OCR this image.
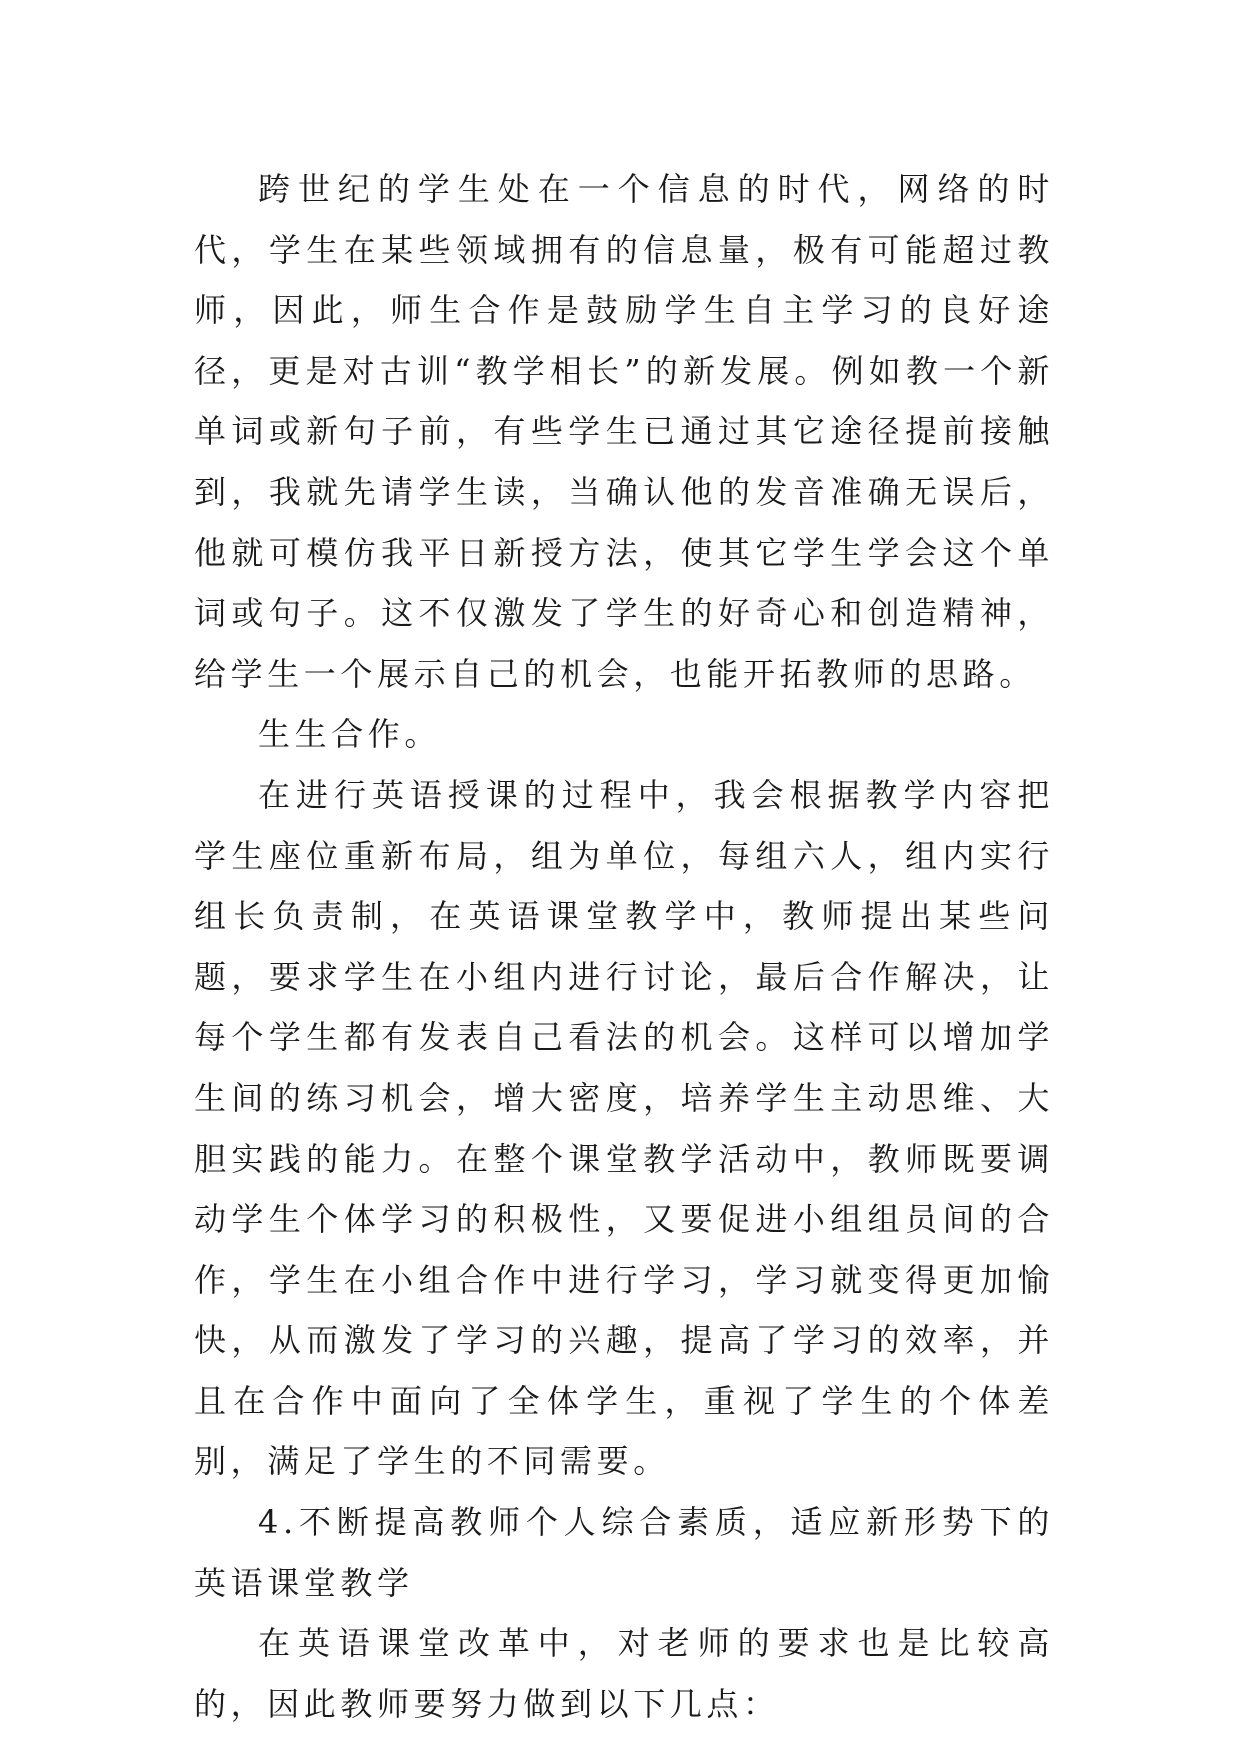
跨世纪的学生处在一个信息的时代，网络的时代，学生在某些领域拥有的信息量，极有可能超过教师，因此，师生合作是鼓励学生自主学习的良好途径，更是对古训“教学相长”的新发展。例如教一个新单词或新句子前，有些学生已通过其它途径提前接触到，我就先请学生读，当确认他的发音准确无误后，他就可模仿我平日新授方法，使其它学生学会这个单词或句子。这不仅激发了学生的好奇心和创造精神，给学生一个展示自己的机会，也能开拓教师的思路。

生生合作。

在进行英语授课的过程中，我会根据教学内容把学生座位重新布局，组为单位，每组六人，组内实行组长负责制，在英语课堂教学中，教师提出某些问题，要求学生在小组内进行讨论，最后合作解决，让每个学生都有发表自己看法的机会。这样可以增加学生间的练习机会，增大密度，培养学生主动思维、大胆实践的能力。在整个课堂教学活动中，教师既要调动学生个体学习的积极性，又要促进小组组员间的合作，学生在小组合作中进行学习，学习就变得更加愉快，从而激发了学习的兴趣，提高了学习的效率，并且在合作中面向了全体学生，重视了学生的个体差别，满足了学生的不同需要。

4.不断提高教师个人综合素质，适应新形势下的英语课堂教学

在英语课堂改革中，对老师的要求也是比较高的，因此教师要努力做到以下几点：
